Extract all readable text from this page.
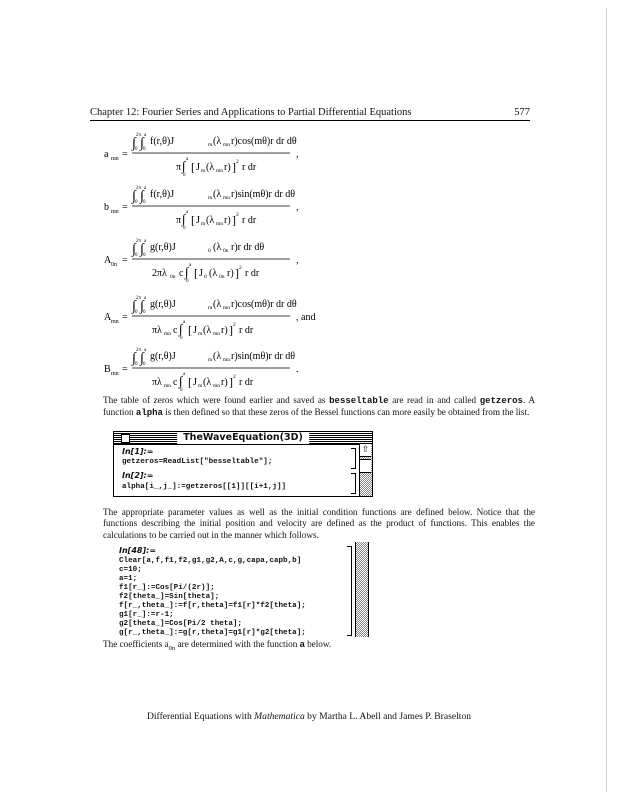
Chapter 12: Fourier Series and Applications to Partial Differential Equations	577
a mn =
∫ ∫
2π a
0 0
f(r,θ)J	m (λ mn r)cos(mθ)r dr dθ
π ∫ a
0
[ J m (λ mn r) ] 2 r dr
,
b mn =
∫ ∫
2π a
0 0
f(r,θ)J	m (λ mn r)sin(mθ)r dr dθ
π ∫ a
0
[ J m (λ mn r) ] 2 r dr
,
A 0n =
∫ ∫
2π a
0 0
g(r,θ)J	0 (λ 0n r)r dr dθ
2πλ 0n c ∫ a
0
[ J 0 (λ 0n r) ] 2 r dr
,
A mn =
∫ ∫
2π a
0 0
g(r,θ)J	m (λ mn r)cos(mθ)r dr dθ
πλ mn c ∫ a
0
[ J m (λ mn r) ] 2 r dr
, and
B mn =
∫ ∫
2π a
0 0
g(r,θ)J	m (λ mn r)sin(mθ)r dr dθ
πλ mn c ∫ a
0
[ J m (λ mn r) ] 2 r dr
.
The table of zeros which were found earlier and saved as besseltable are read in and called getzeros. A function alpha is then defined so that these zeros of the Bessel functions can more easily be obtained from the list.
TheWaveEquation(3D)
⇧
In[1]:=
getzeros=ReadList["besseltable"];
In[2]:=
alpha[i_,j_]:=getzeros[[1]][[i+1,j]]
The appropriate parameter values as well as the initial condition functions are defined below. Notice that the functions describing the initial position and velocity are defined as the product of functions. This enables the calculations to be carried out in the manner which follows.
In[48]:=
Clear[a,f,f1,f2,g1,g2,A,c,g,capa,capb,b]
c=10;
a=1;
f1[r_]:=Cos[Pi/(2r)];
f2[theta_]=Sin[theta];
f[r_,theta_]:=f[r,theta]=f1[r]*f2[theta];
g1[r_]:=r-1;
g2[theta_]=Cos[Pi/2 theta];
g[r_,theta_]:=g[r,theta]=g1[r]*g2[theta];
The coefficients $a_{0n}$ are determined with the function a below.
Differential Equations with Mathematica by Martha L. Abell and James P. Braselton
